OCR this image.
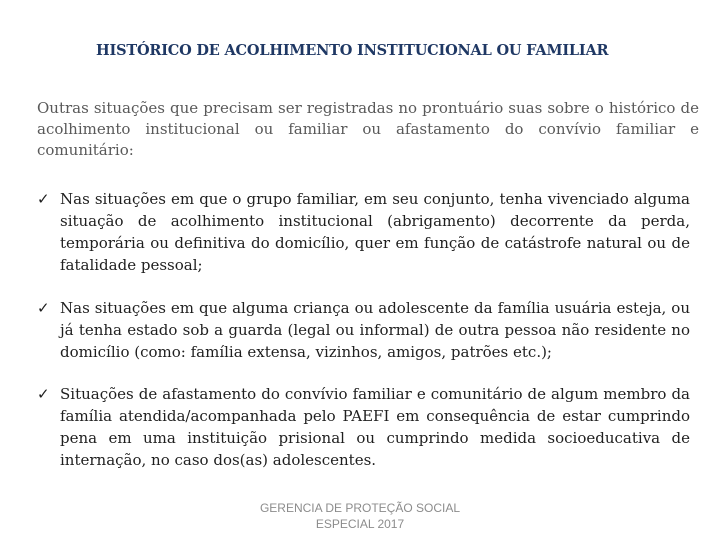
HISTÓRICO DE ACOLHIMENTO INSTITUCIONAL OU FAMILIAR
Outras situações que precisam ser registradas no prontuário suas sobre o histórico de acolhimento institucional ou familiar ou afastamento do convívio familiar e comunitário:
✓ Nas situações em que o grupo familiar, em seu conjunto, tenha vivenciado alguma situação de acolhimento institucional (abrigamento) decorrente da perda, temporária ou definitiva do domicílio, quer em função de catástrofe natural ou de fatalidade pessoal;
✓ Nas situações em que alguma criança ou adolescente da família usuária esteja, ou já tenha estado sob a guarda (legal ou informal) de outra pessoa não residente no domicílio (como: família extensa, vizinhos, amigos, patrões etc.);
✓ Situações de afastamento do convívio familiar e comunitário de algum membro da família atendida/acompanhada pelo PAEFI em consequência de estar cumprindo pena em uma instituição prisional ou cumprindo medida socioeducativa de internação, no caso dos(as) adolescentes.
GERENCIA DE PROTEÇÃO SOCIAL
ESPECIAL 2017
